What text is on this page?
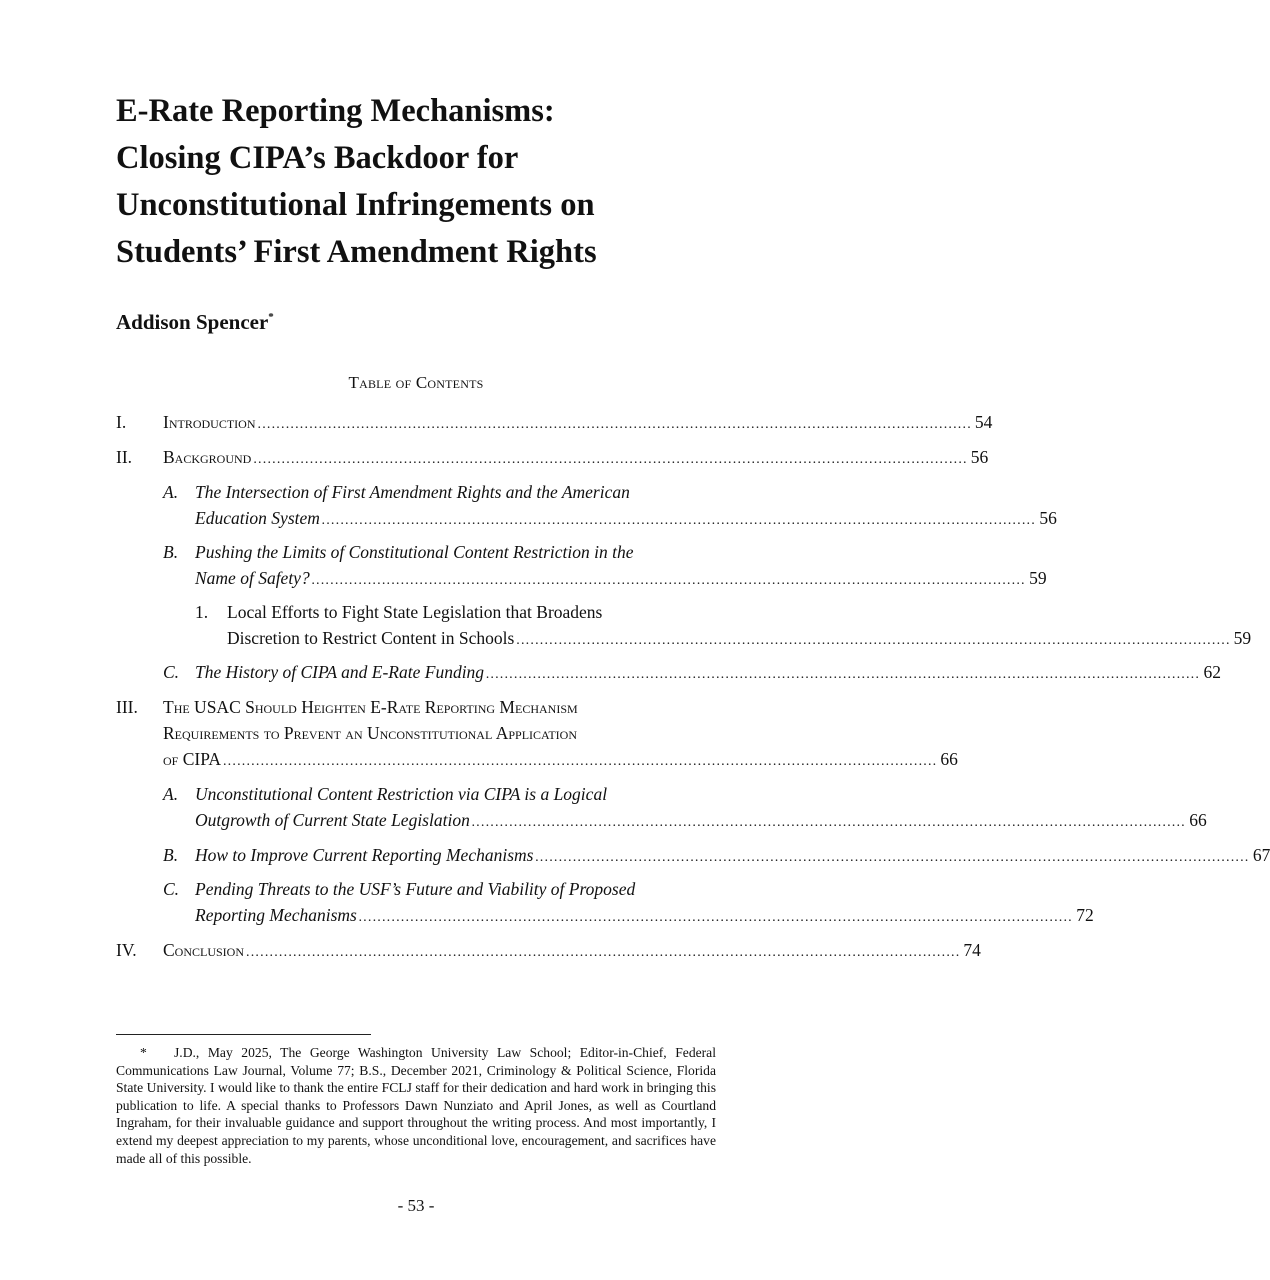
E-Rate Reporting Mechanisms:
Closing CIPA’s Backdoor for
Unconstitutional Infringements on
Students’ First Amendment Rights

Addison Spencer*

Table of Contents
I. Introduction ........................................................................................................................................................ 54
II. Background ........................................................................................................................................................ 56
A. The Intersection of First Amendment Rights and the American
Education System ........................................................................................................................................................ 56
B. Pushing the Limits of Constitutional Content Restriction in the
Name of Safety? ........................................................................................................................................................ 59
1. Local Efforts to Fight State Legislation that Broadens
Discretion to Restrict Content in Schools ........................................................................................................................................................ 59
C. The History of CIPA and E-Rate Funding ........................................................................................................................................................ 62
III. The USAC Should Heighten E-Rate Reporting Mechanism
Requirements to Prevent an Unconstitutional Application
of CIPA ........................................................................................................................................................ 66
A. Unconstitutional Content Restriction via CIPA is a Logical
Outgrowth of Current State Legislation ........................................................................................................................................................ 66
B. How to Improve Current Reporting Mechanisms ........................................................................................................................................................ 67
C. Pending Threats to the USF’s Future and Viability of Proposed
Reporting Mechanisms ........................................................................................................................................................ 72
IV. Conclusion ........................................................................................................................................................ 74

* J.D., May 2025, The George Washington University Law School; Editor-in-Chief, Federal Communications Law Journal, Volume 77; B.S., December 2021, Criminology & Political Science, Florida State University. I would like to thank the entire FCLJ staff for their dedication and hard work in bringing this publication to life. A special thanks to Professors Dawn Nunziato and April Jones, as well as Courtland Ingraham, for their invaluable guidance and support throughout the writing process. And most importantly, I extend my deepest appreciation to my parents, whose unconditional love, encouragement, and sacrifices have made all of this possible.

- 53 -
